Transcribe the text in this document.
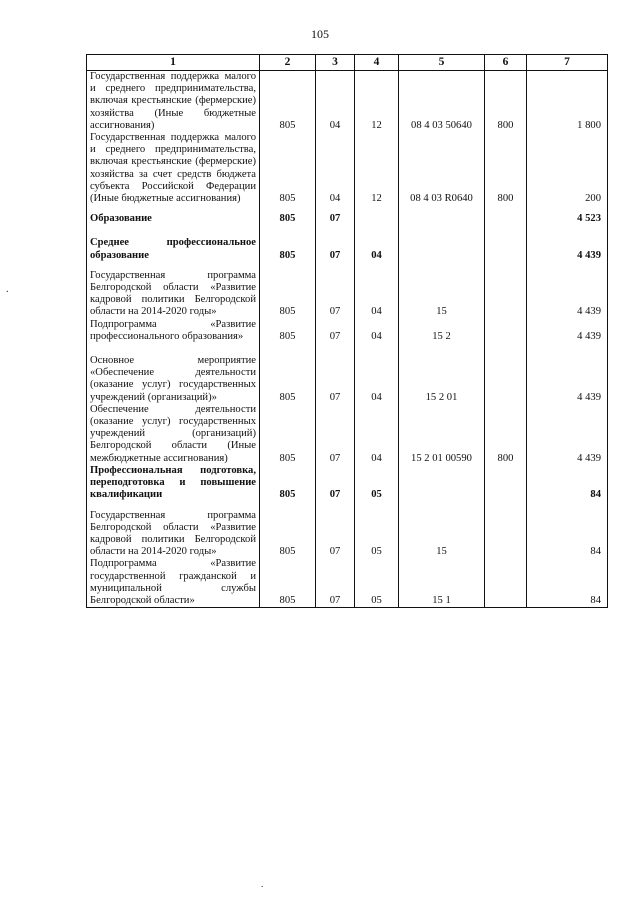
105
.
1	2	3	4	5	6	7
Государственная поддержка малого и среднего предпринимательства, включая крестьянские (фермерские) хозяйства (Иные бюджетные ассигнования)	805	04	12	08 4 03 50640	800	1 800
Государственная поддержка малого и среднего предпринимательства, включая крестьянские (фермерские) хозяйства за счет средств бюджета субъекта Российской Федерации (Иные бюджетные ассигнования)	805	04	12	08 4 03 R0640	800	200
Образование	805	07				4 523
Среднее профессиональное образование	805	07	04			4 439
Государственная программа Белгородской области «Развитие кадровой политики Белгородской области на 2014-2020 годы»	805	07	04	15		4 439
Подпрограмма «Развитие профессионального образования»	805	07	04	15 2		4 439
Основное мероприятие «Обеспечение деятельности (оказание услуг) государственных учреждений (организаций)»	805	07	04	15 2 01		4 439
Обеспечение деятельности (оказание услуг) государственных учреждений (организаций) Белгородской области (Иные межбюджетные ассигнования)	805	07	04	15 2 01 00590	800	4 439
Профессиональная подготовка, переподготовка и повышение квалификации	805	07	05			84
Государственная программа Белгородской области «Развитие кадровой политики Белгородской области на 2014-2020 годы»	805	07	05	15		84
Подпрограмма «Развитие государственной гражданской и муниципальной службы Белгородской области»	805	07	05	15 1		84
.
